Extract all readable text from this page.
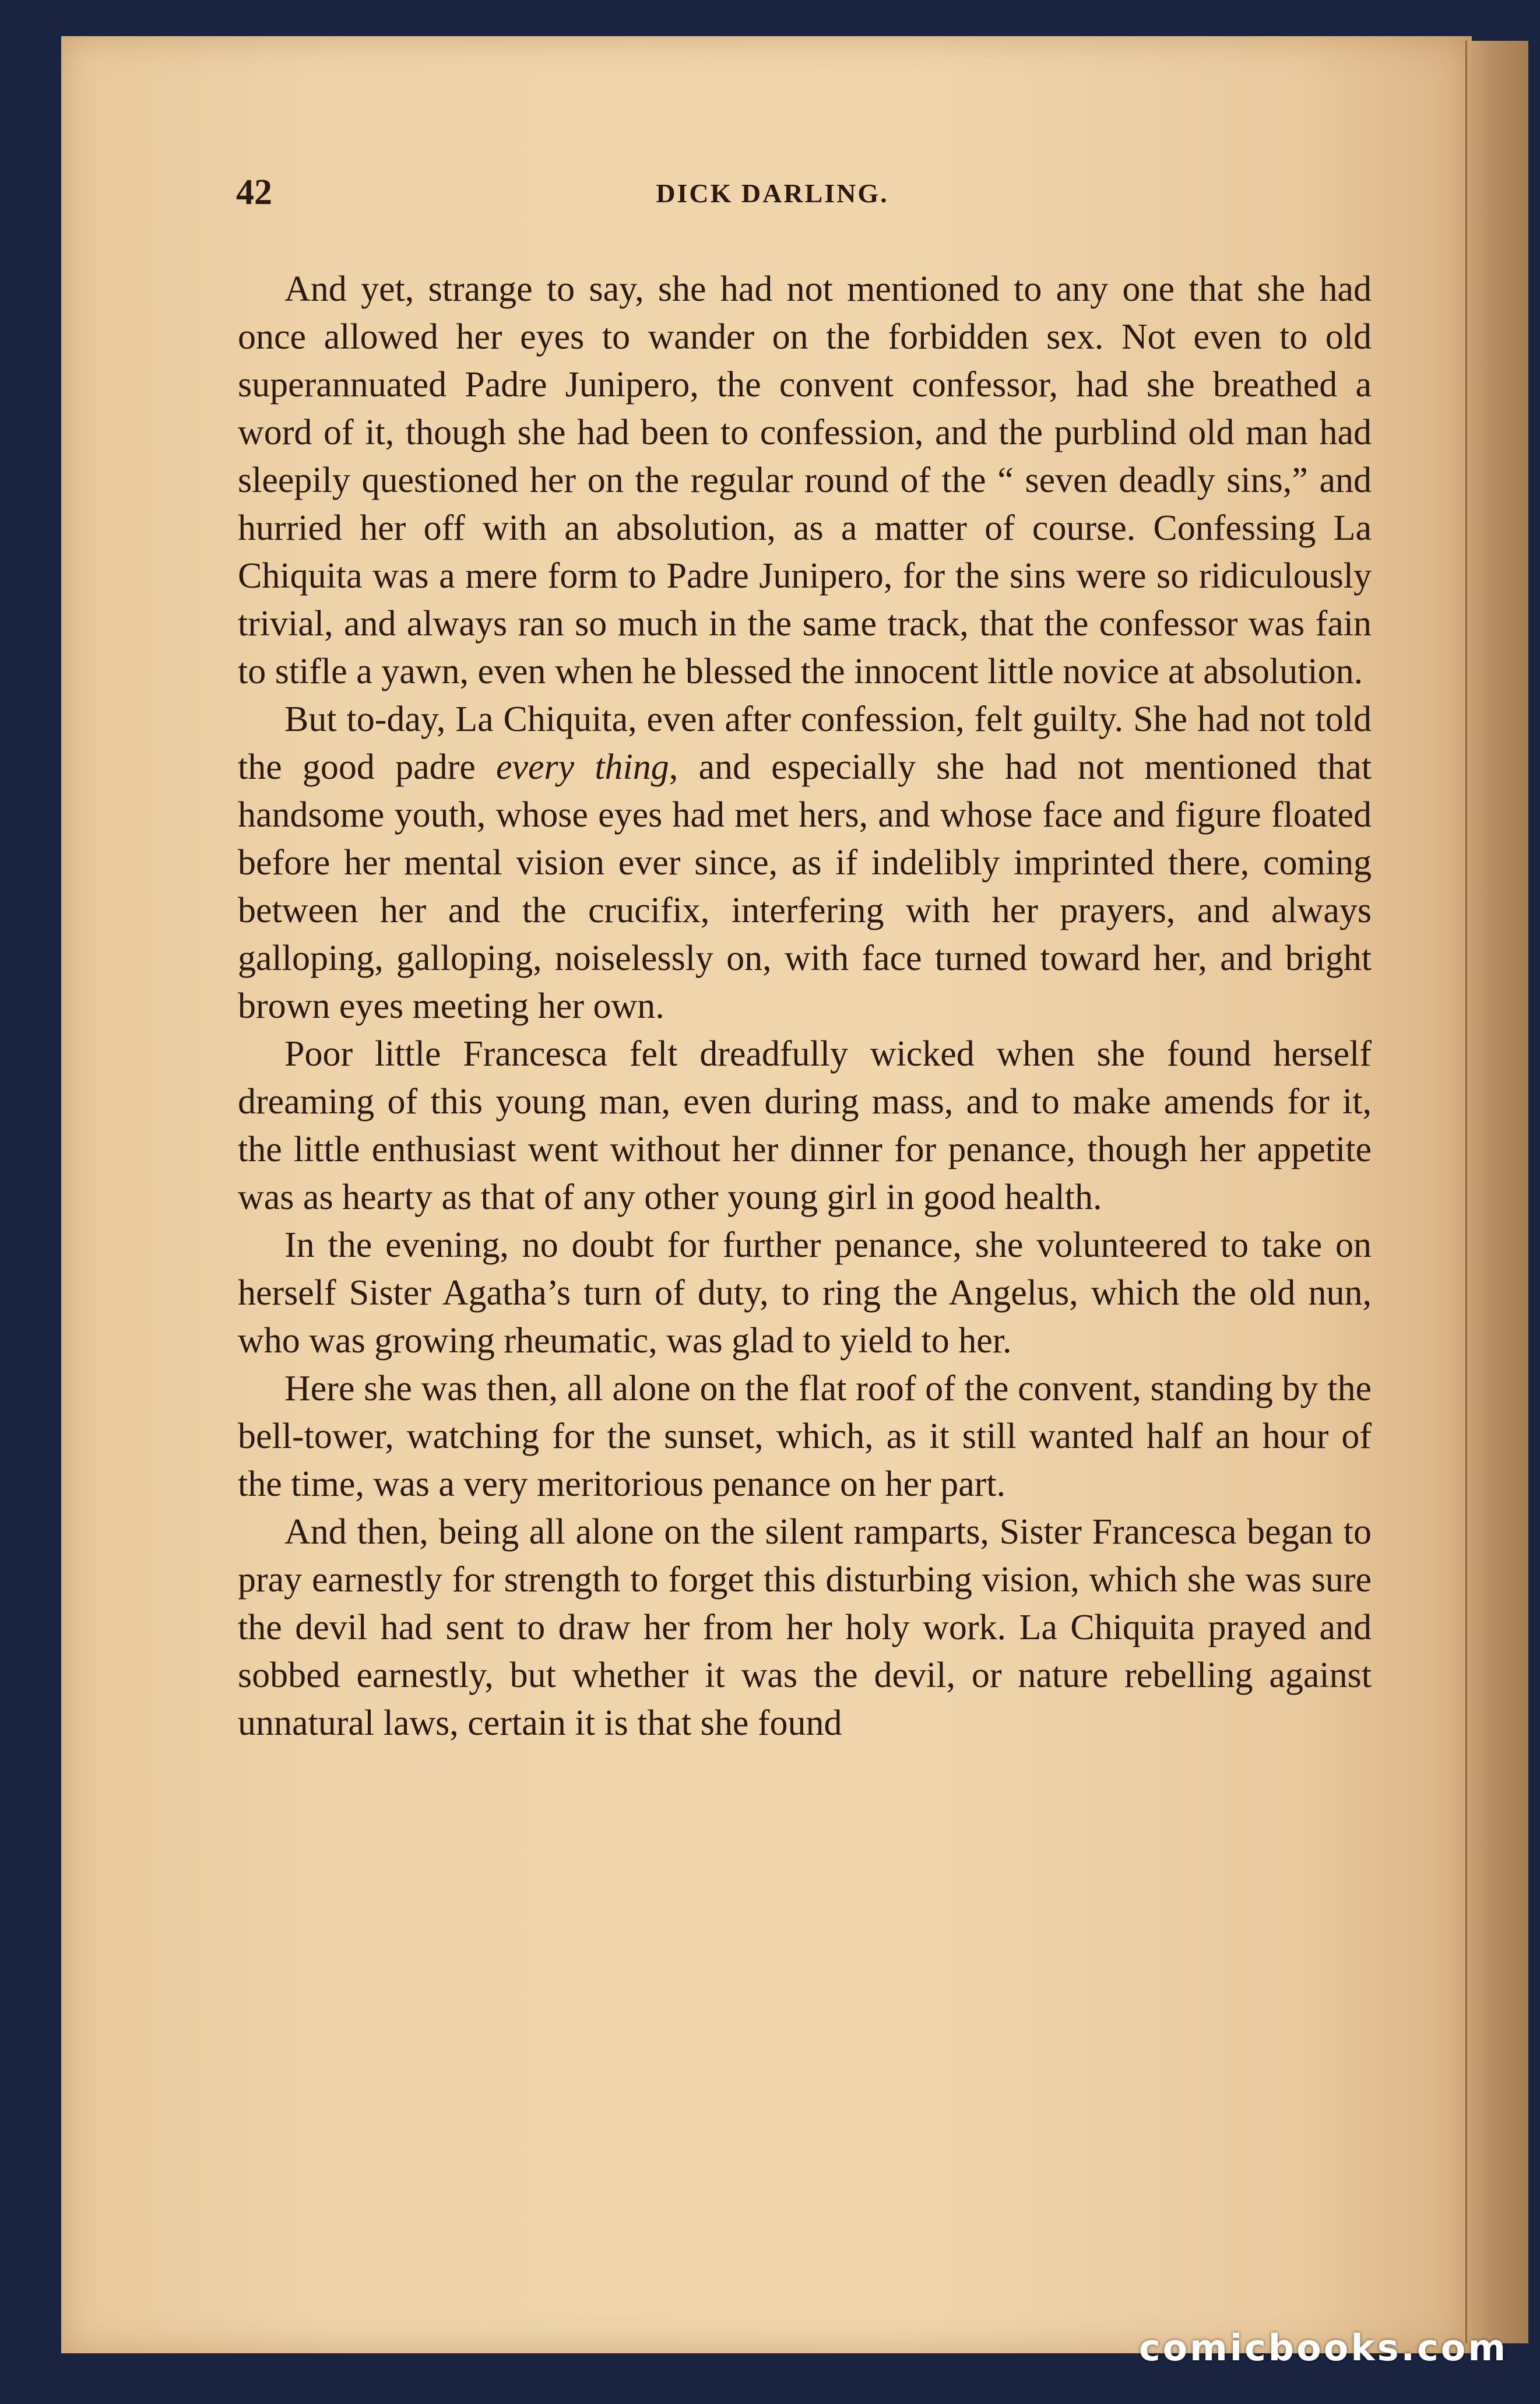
42	DICK DARLING.

And yet, strange to say, she had not mentioned to any one that she had once allowed her eyes to wander on the forbidden sex. Not even to old superannuated Padre Junipero, the convent confessor, had she breathed a word of it, though she had been to confession, and the purblind old man had sleepily questioned her on the regular round of the “ seven deadly sins,” and hurried her off with an absolution, as a matter of course. Confessing La Chiquita was a mere form to Padre Junipero, for the sins were so ridiculously trivial, and always ran so much in the same track, that the confessor was fain to stifle a yawn, even when he blessed the innocent little novice at absolution.

But to-day, La Chiquita, even after confession, felt guilty. She had not told the good padre every thing, and especially she had not mentioned that handsome youth, whose eyes had met hers, and whose face and figure floated before her mental vision ever since, as if indelibly imprinted there, coming between her and the crucifix, interfering with her prayers, and always galloping, galloping, noiselessly on, with face turned toward her, and bright brown eyes meeting her own.

Poor little Francesca felt dreadfully wicked when she found herself dreaming of this young man, even during mass, and to make amends for it, the little enthusiast went without her dinner for penance, though her appetite was as hearty as that of any other young girl in good health.

In the evening, no doubt for further penance, she volunteered to take on herself Sister Agatha’s turn of duty, to ring the Angelus, which the old nun, who was growing rheumatic, was glad to yield to her.

Here she was then, all alone on the flat roof of the convent, standing by the bell-tower, watching for the sunset, which, as it still wanted half an hour of the time, was a very meritorious penance on her part.

And then, being all alone on the silent ramparts, Sister Francesca began to pray earnestly for strength to forget this disturbing vision, which she was sure the devil had sent to draw her from her holy work. La Chiquita prayed and sobbed earnestly, but whether it was the devil, or nature rebelling against unnatural laws, certain it is that she found

comicbooks.com
